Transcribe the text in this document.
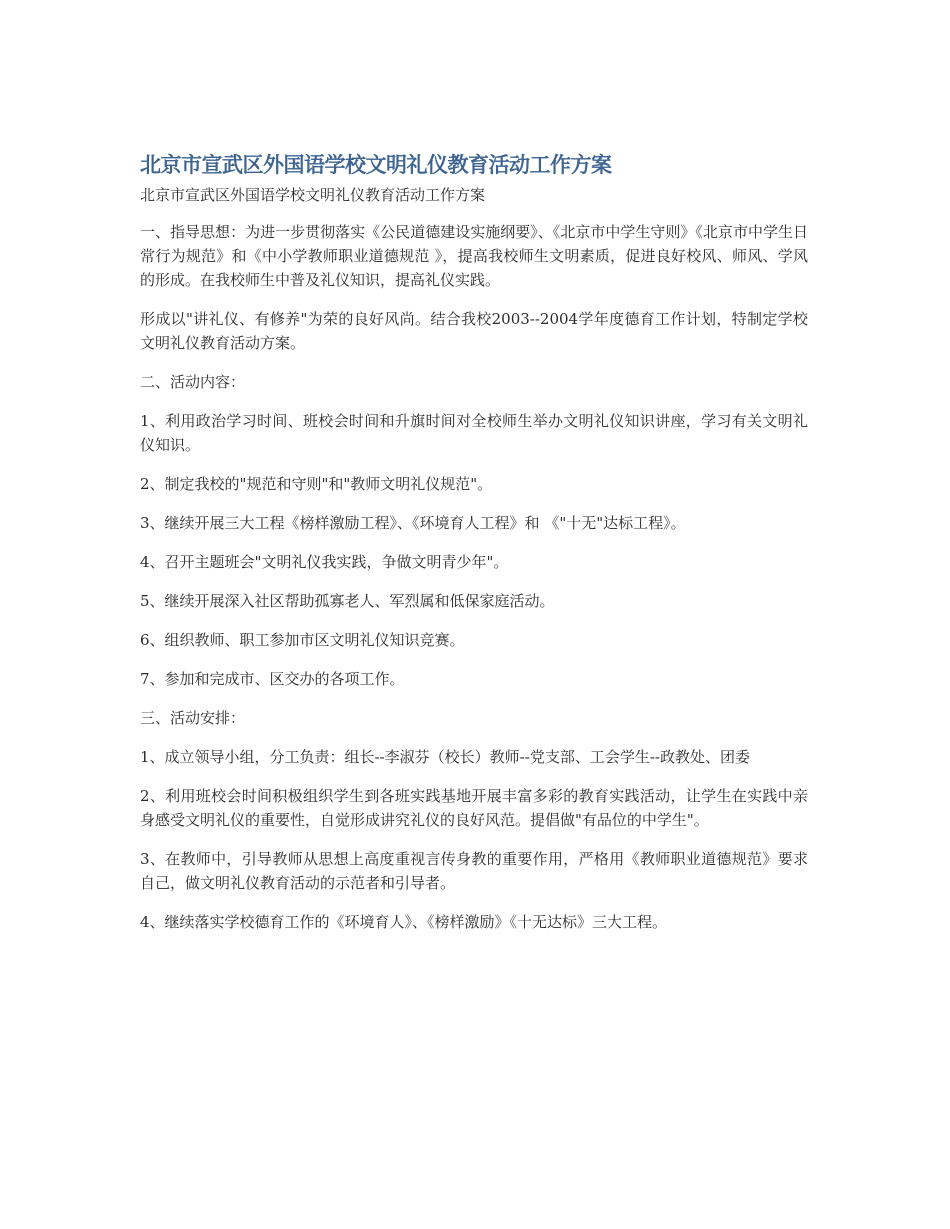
北京市宣武区外国语学校文明礼仪教育活动工作方案

北京市宣武区外国语学校文明礼仪教育活动工作方案

一、指导思想：为进一步贯彻落实《公民道德建设实施纲要》、《北京市中学生守则》《北京市中学生日常行为规范》和《中小学教师职业道德规范 》，提高我校师生文明素质，促进良好校风、师风、学风的形成。在我校师生中普及礼仪知识，提高礼仪实践。

形成以"讲礼仪、有修养"为荣的良好风尚。结合我校2003--2004学年度德育工作计划，特制定学校文明礼仪教育活动方案。

二、活动内容：

1、利用政治学习时间、班校会时间和升旗时间对全校师生举办文明礼仪知识讲座，学习有关文明礼仪知识。

2、制定我校的"规范和守则"和"教师文明礼仪规范"。

3、继续开展三大工程《榜样激励工程》、《环境育人工程》和 《"十无"达标工程》。

4、召开主题班会"文明礼仪我实践，争做文明青少年"。

5、继续开展深入社区帮助孤寡老人、军烈属和低保家庭活动。

6、组织教师、职工参加市区文明礼仪知识竞赛。

7、参加和完成市、区交办的各项工作。

三、活动安排：

1、成立领导小组，分工负责：组长--李淑芬（校长）教师--党支部、工会学生--政教处、团委

2、利用班校会时间积极组织学生到各班实践基地开展丰富多彩的教育实践活动，让学生在实践中亲身感受文明礼仪的重要性，自觉形成讲究礼仪的良好风范。提倡做"有品位的中学生"。

3、在教师中，引导教师从思想上高度重视言传身教的重要作用，严格用《教师职业道德规范》要求自己，做文明礼仪教育活动的示范者和引导者。

4、继续落实学校德育工作的《环境育人》、《榜样激励》《十无达标》三大工程。
